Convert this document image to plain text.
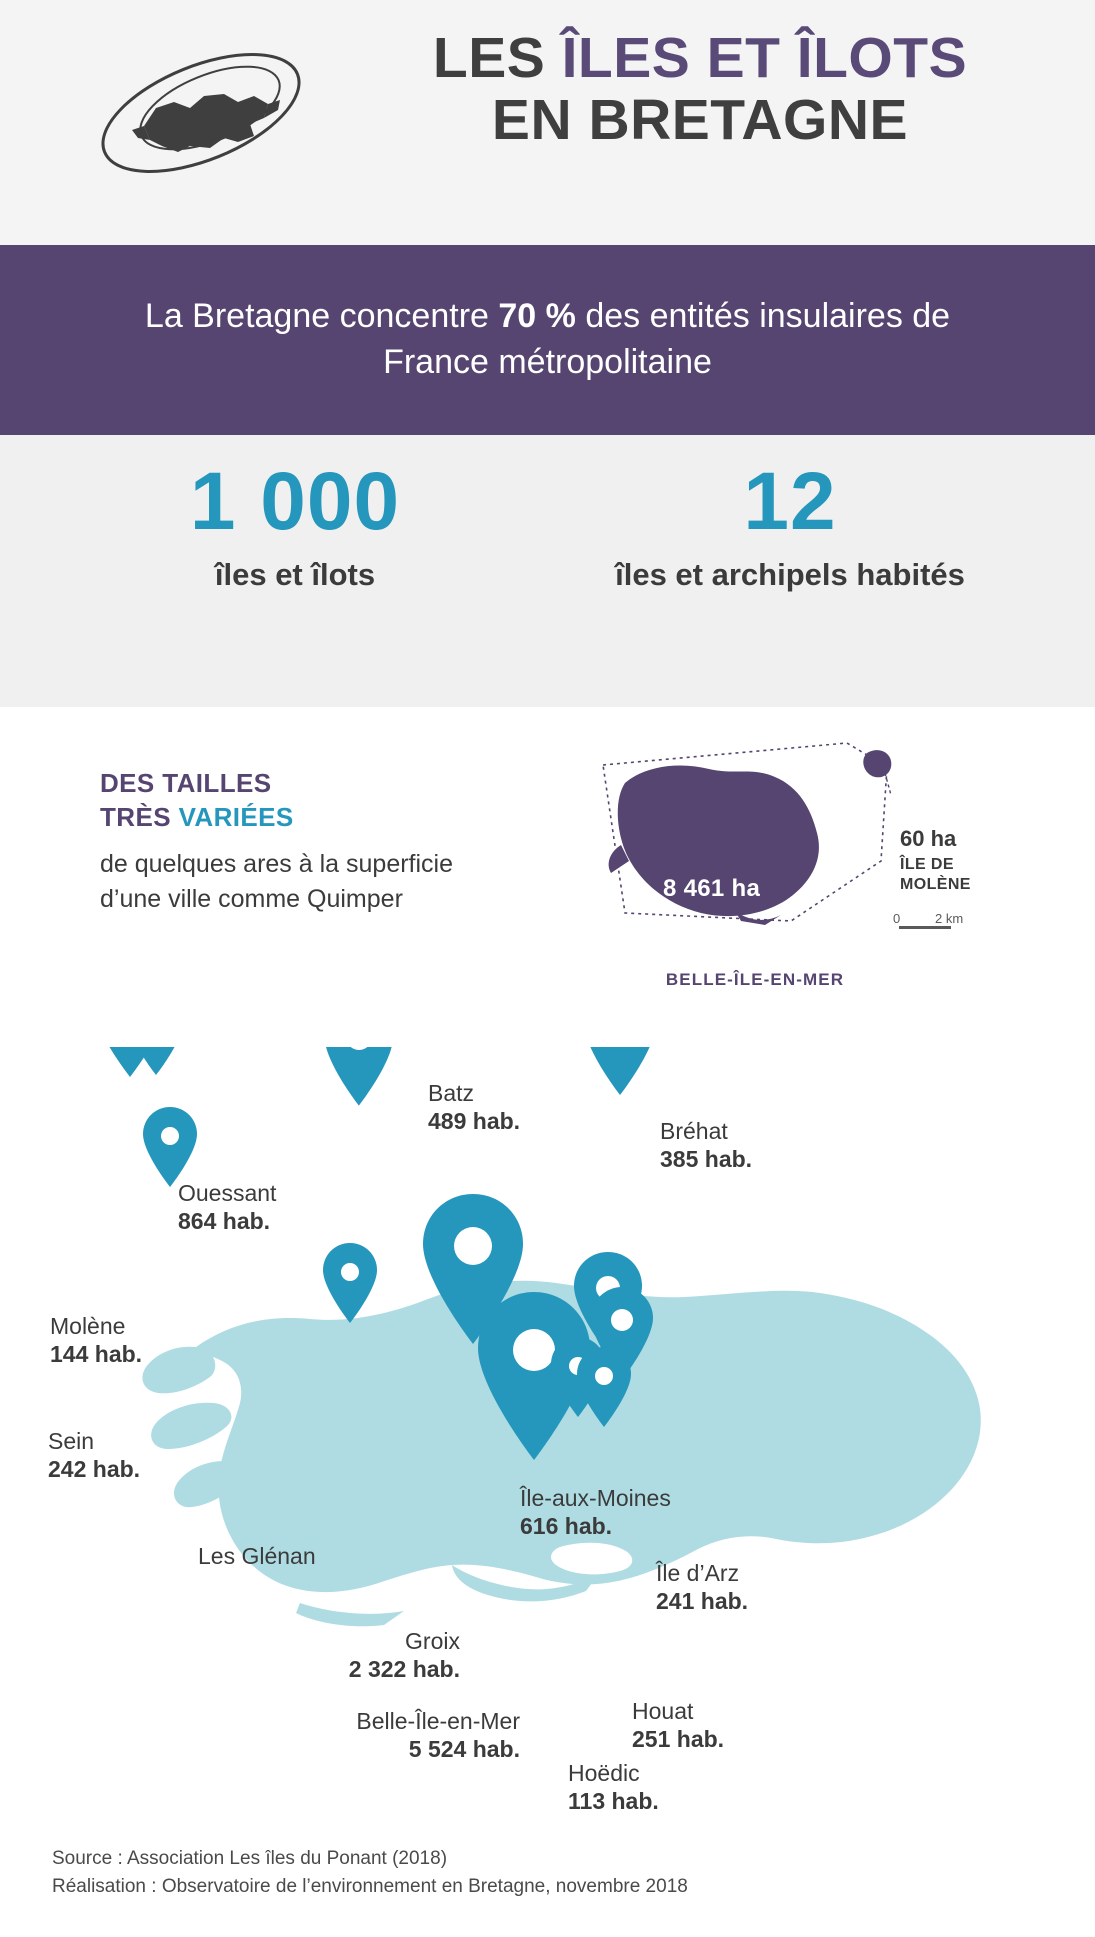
LES ÎLES ET ÎLOTS
EN BRETAGNE
La Bretagne concentre 70 % des entités insulaires de France métropolitaine
1 000
îles et îlots
12
îles et archipels habités
DES TAILLES
TRÈS VARIÉES
de quelques ares à la superficie d’une ville comme Quimper	8 461 ha
BELLE-ÎLE-EN-MER
60 ha
ÎLE DE
MOLÈNE
0	2 km
Batz
489 hab.	Bréhat
385 hab.
Ouessant
864 hab.
Molène
144 hab.
Sein
242 hab.
Les Glénan
Île-aux-Moines
616 hab.
Île d’Arz
241 hab.
Groix
2 322 hab.
Belle-Île-en-Mer
5 524 hab.
Houat
251 hab.
Hoëdic
113 hab.
Source : Association Les îles du Ponant (2018)
Réalisation : Observatoire de l’environnement en Bretagne, novembre 2018
